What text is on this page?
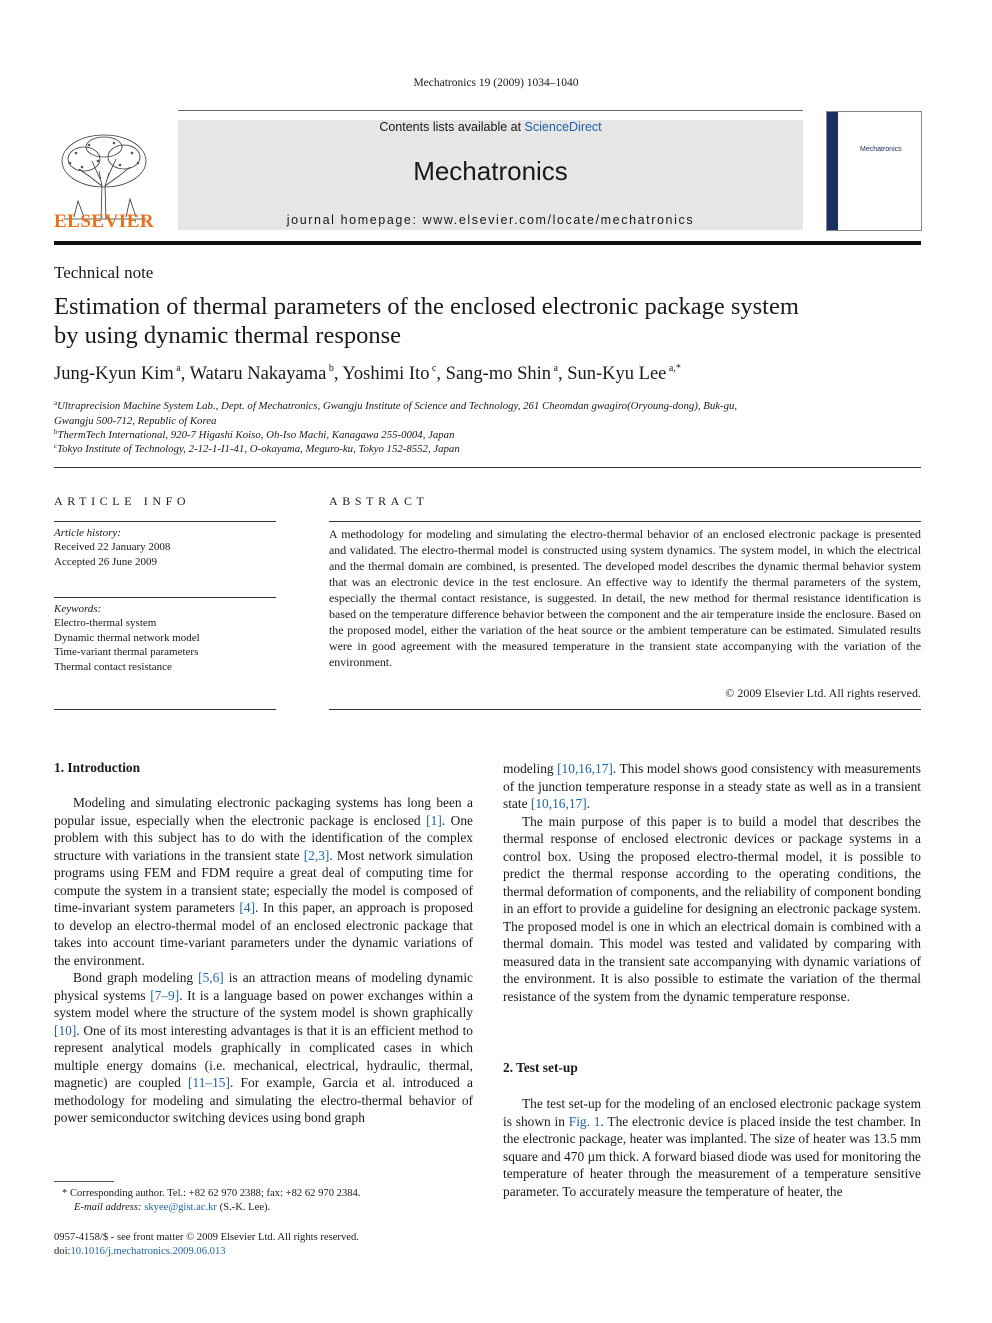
Mechatronics 19 (2009) 1034–1040
ELSEVIER
Contents lists available at ScienceDirect
Mechatronics
journal homepage: www.elsevier.com/locate/mechatronics
Mechatronics
Technical note
Estimation of thermal parameters of the enclosed electronic package system
by using dynamic thermal response
Jung-Kyun Kim $^a$, Wataru Nakayama $^b$, Yoshimi Ito $^c$, Sang-mo Shin $^a$, Sun-Kyu Lee $^{a,*}$
$^a$Ultraprecision Machine System Lab., Dept. of Mechatronics, Gwangju Institute of Science and Technology, 261 Cheomdan gwagiro(Oryoung-dong), Buk-gu,
Gwangju 500-712, Republic of Korea
$^b$ThermTech International, 920-7 Higashi Koiso, Oh-Iso Machi, Kanagawa 255-0004, Japan
$^c$Tokyo Institute of Technology, 2-12-1-I1-41, O-okayama, Meguro-ku, Tokyo 152-8552, Japan
ARTICLE INFO
Article history:
Received 22 January 2008
Accepted 26 June 2009
Keywords:
Electro-thermal system
Dynamic thermal network model
Time-variant thermal parameters
Thermal contact resistance
ABSTRACT
A methodology for modeling and simulating the electro-thermal behavior of an enclosed electronic package is presented and validated. The electro-thermal model is constructed using system dynamics. The system model, in which the electrical and the thermal domain are combined, is presented. The developed model describes the dynamic thermal behavior system that was an electronic device in the test enclosure. An effective way to identify the thermal parameters of the system, especially the thermal contact resistance, is suggested. In detail, the new method for thermal resistance identification is based on the temperature difference behavior between the component and the air temperature inside the enclosure. Based on the proposed model, either the variation of the heat source or the ambient temperature can be estimated. Simulated results were in good agreement with the measured temperature in the transient state accompanying with the variation of the environment.
© 2009 Elsevier Ltd. All rights reserved.
1. Introduction

Modeling and simulating electronic packaging systems has long been a popular issue, especially when the electronic package is enclosed [1]. One problem with this subject has to do with the identification of the complex structure with variations in the transient state [2,3]. Most network simulation programs using FEM and FDM require a great deal of computing time for compute the system in a transient state; especially the model is composed of time-invariant system parameters [4]. In this paper, an approach is proposed to develop an electro-thermal model of an enclosed electronic package that takes into account time-variant parameters under the dynamic variations of the environment.

Bond graph modeling [5,6] is an attraction means of modeling dynamic physical systems [7–9]. It is a language based on power exchanges within a system model where the structure of the system model is shown graphically [10]. One of its most interesting advantages is that it is an efficient method to represent analytical models graphically in complicated cases in which multiple energy domains (i.e. mechanical, electrical, hydraulic, thermal, magnetic) are coupled [11–15]. For example, Garcia et al. introduced a methodology for modeling and simulating the electro-thermal behavior of power semiconductor switching devices using bond graph

modeling [10,16,17]. This model shows good consistency with measurements of the junction temperature response in a steady state as well as in a transient state [10,16,17].

The main purpose of this paper is to build a model that describes the thermal response of enclosed electronic devices or package systems in a control box. Using the proposed electro-thermal model, it is possible to predict the thermal response according to the operating conditions, the thermal deformation of components, and the reliability of component bonding in an effort to provide a guideline for designing an electronic package system. The proposed model is one in which an electrical domain is combined with a thermal domain. This model was tested and validated by comparing with measured data in the transient sate accompanying with dynamic variations of the environment. It is also possible to estimate the variation of the thermal resistance of the system from the dynamic temperature response.

2. Test set-up

The test set-up for the modeling of an enclosed electronic package system is shown in Fig. 1. The electronic device is placed inside the test chamber. In the electronic package, heater was implanted. The size of heater was 13.5 mm square and 470 µm thick. A forward biased diode was used for monitoring the temperature of heater through the measurement of a temperature sensitive parameter. To accurately measure the temperature of heater, the

* Corresponding author. Tel.: +82 62 970 2388; fax: +82 62 970 2384.
E-mail address: skyee@gist.ac.kr (S.-K. Lee).
0957-4158/$ - see front matter © 2009 Elsevier Ltd. All rights reserved.
doi:10.1016/j.mechatronics.2009.06.013
